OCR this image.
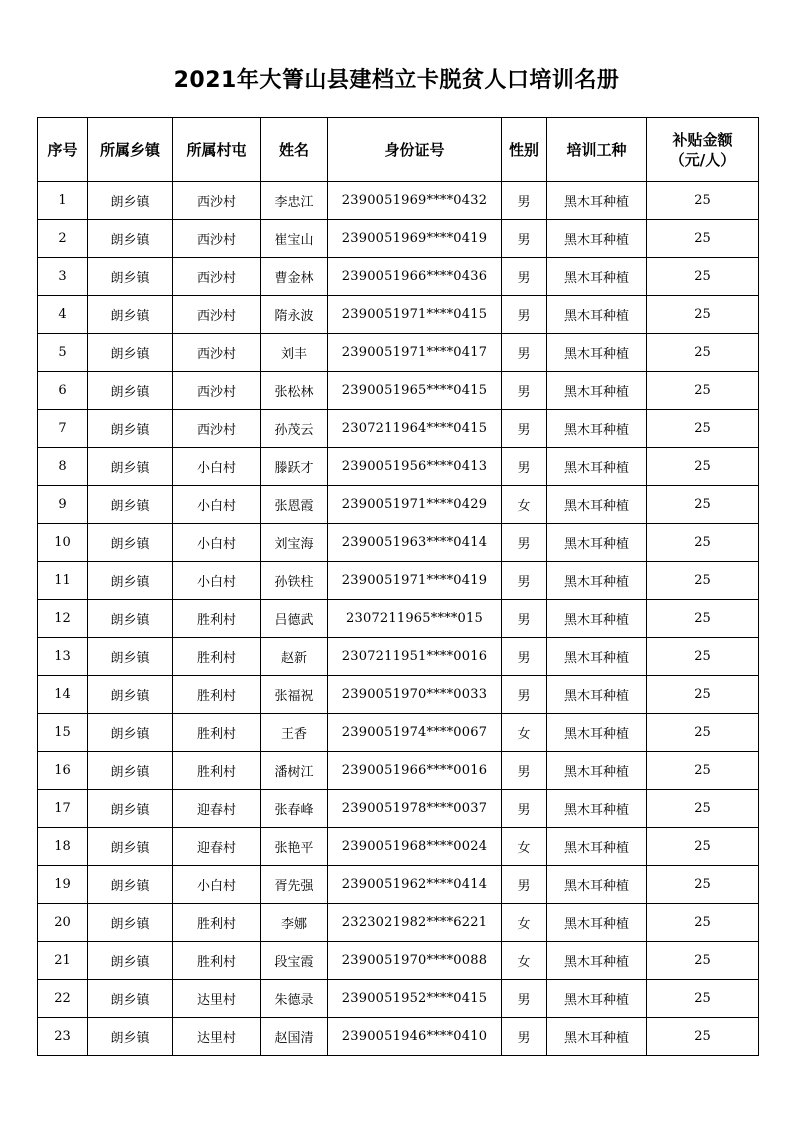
2021年大箐山县建档立卡脱贫人口培训名册
序号	所属乡镇	所属村屯	姓名	身份证号	性别	培训工种	补贴金额
（元/人）
1	朗乡镇	西沙村	李忠江	2390051969****0432	男	黑木耳种植	25
2	朗乡镇	西沙村	崔宝山	2390051969****0419	男	黑木耳种植	25
3	朗乡镇	西沙村	曹金林	2390051966****0436	男	黑木耳种植	25
4	朗乡镇	西沙村	隋永波	2390051971****0415	男	黑木耳种植	25
5	朗乡镇	西沙村	刘丰	2390051971****0417	男	黑木耳种植	25
6	朗乡镇	西沙村	张松林	2390051965****0415	男	黑木耳种植	25
7	朗乡镇	西沙村	孙茂云	2307211964****0415	男	黑木耳种植	25
8	朗乡镇	小白村	滕跃才	2390051956****0413	男	黑木耳种植	25
9	朗乡镇	小白村	张恩霞	2390051971****0429	女	黑木耳种植	25
10	朗乡镇	小白村	刘宝海	2390051963****0414	男	黑木耳种植	25
11	朗乡镇	小白村	孙铁柱	2390051971****0419	男	黑木耳种植	25
12	朗乡镇	胜利村	吕德武	2307211965****015	男	黑木耳种植	25
13	朗乡镇	胜利村	赵新	2307211951****0016	男	黑木耳种植	25
14	朗乡镇	胜利村	张福祝	2390051970****0033	男	黑木耳种植	25
15	朗乡镇	胜利村	王香	2390051974****0067	女	黑木耳种植	25
16	朗乡镇	胜利村	潘树江	2390051966****0016	男	黑木耳种植	25
17	朗乡镇	迎春村	张春峰	2390051978****0037	男	黑木耳种植	25
18	朗乡镇	迎春村	张艳平	2390051968****0024	女	黑木耳种植	25
19	朗乡镇	小白村	胥先强	2390051962****0414	男	黑木耳种植	25
20	朗乡镇	胜利村	李娜	2323021982****6221	女	黑木耳种植	25
21	朗乡镇	胜利村	段宝霞	2390051970****0088	女	黑木耳种植	25
22	朗乡镇	达里村	朱德录	2390051952****0415	男	黑木耳种植	25
23	朗乡镇	达里村	赵国清	2390051946****0410	男	黑木耳种植	25
